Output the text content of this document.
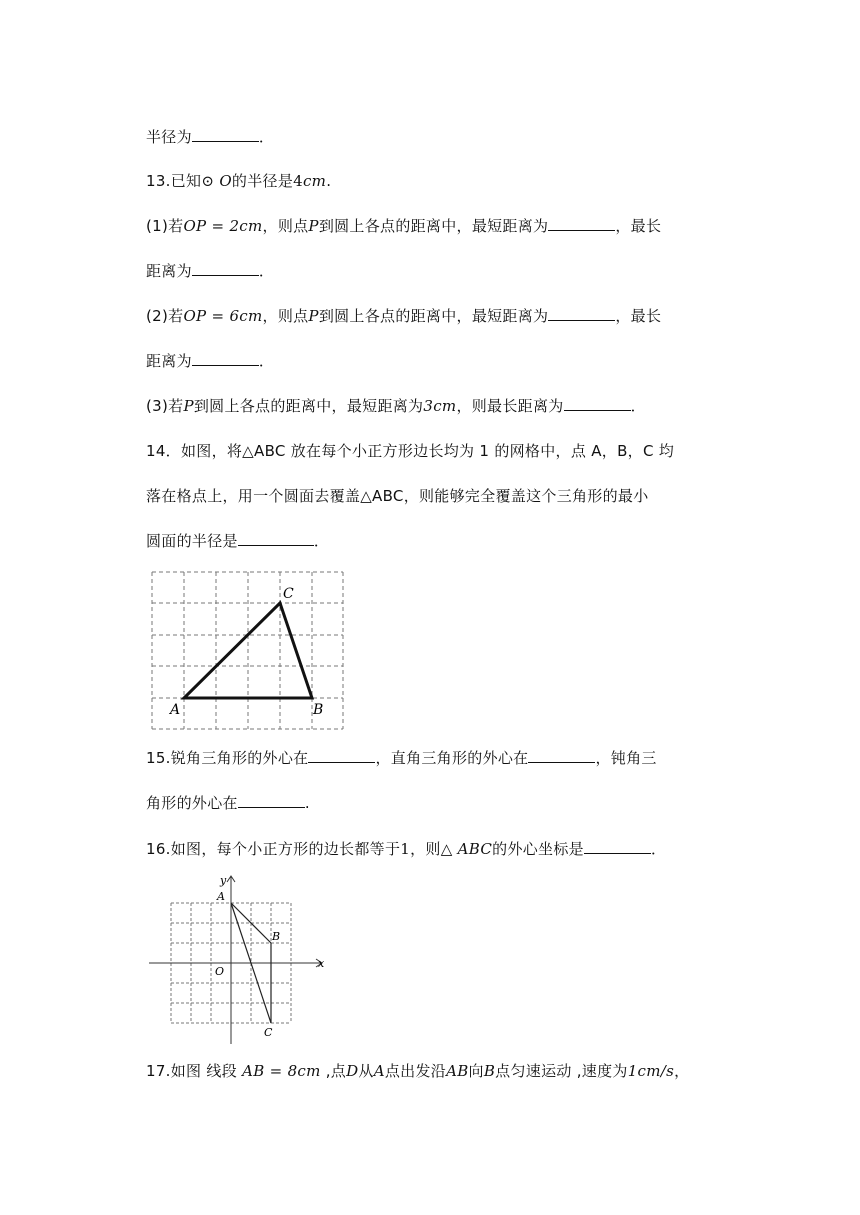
半径为	．
13.已知⊙ O的半径是4cm.
(1)若OP = 2cm，则点P到圆上各点的距离中，最短距离为	，最长
距离为	．
(2)若OP = 6cm，则点P到圆上各点的距离中，最短距离为	，最长
距离为	．
(3)若P到圆上各点的距离中，最短距离为3cm，则最长距离为	．
14．如图，将△ABC 放在每个小正方形边长均为 1 的网格中，点 A，B，C 均
落在格点上，用一个圆面去覆盖△ABC，则能够完全覆盖这个三角形的最小
圆面的半径是	．
A	B
C
15.锐角三角形的外心在	，直角三角形的外心在	，钝角三
角形的外心在	.
16.如图，每个小正方形的边长都等于1，则△ ABC的外心坐标是	．
y
x
O
A
B
C
17.如图 线段 AB = 8cm ,点D从A点出发沿AB向B点匀速运动 ,速度为1cm/s，
